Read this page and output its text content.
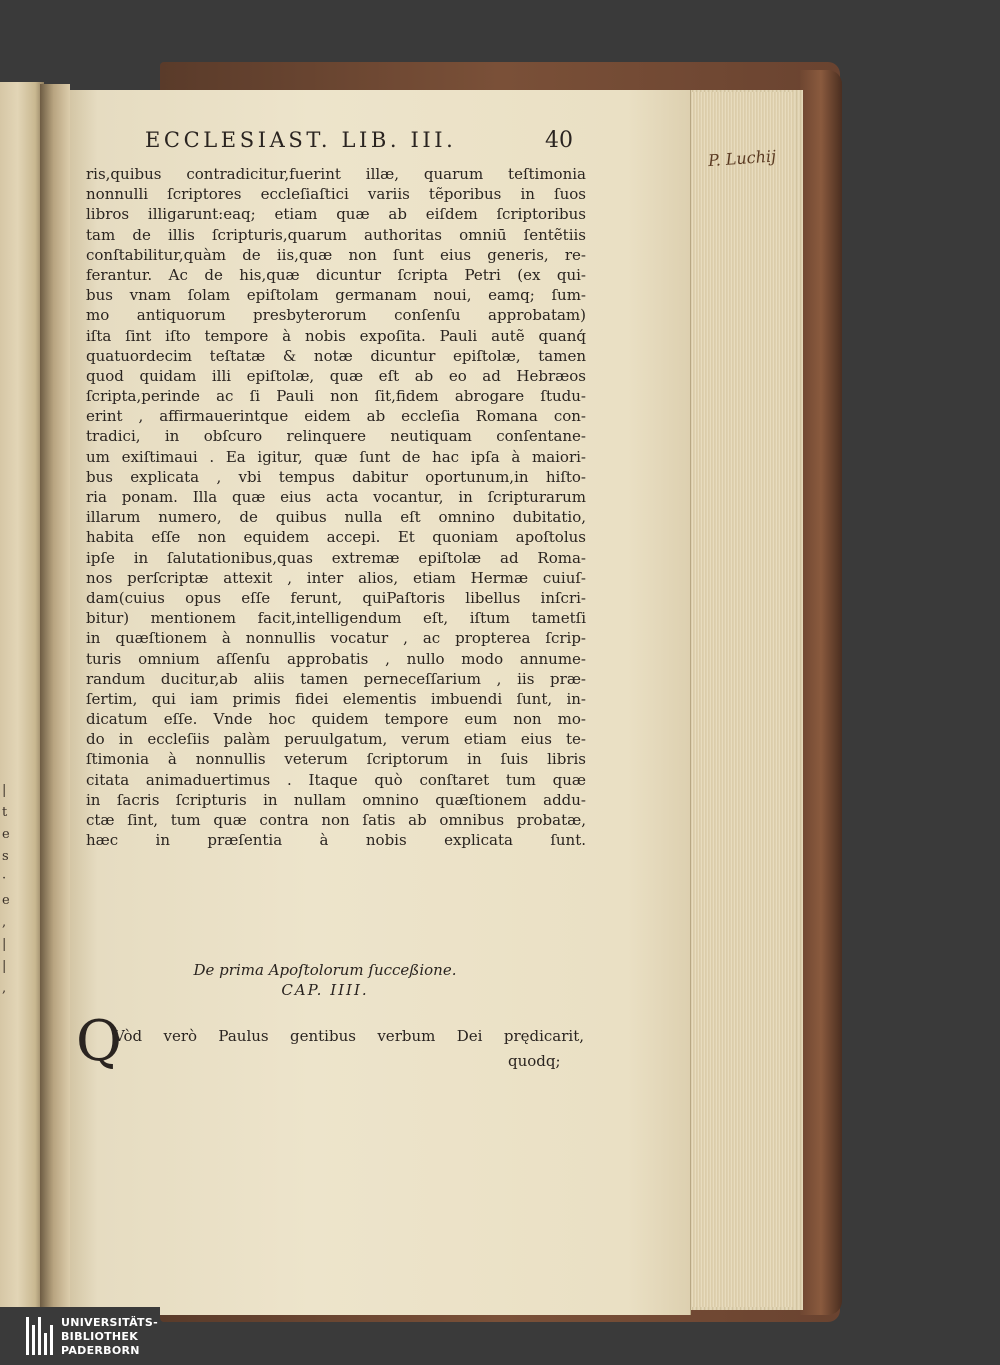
|
t
e
s
·
e
,
|
|
,
ECCLESIAST. LIB. III.	40
P. Luchij
ris,quibus contradicitur,fuerint illæ, quarum teſtimonia
nonnulli ſcriptores eccleſiaſtici variis tẽporibus in ſuos
libros illigarunt:eaq; etiam quæ ab eiſdem ſcriptoribus
tam de illis ſcripturis,quarum authoritas omniū ſentẽtiis
conſtabilitur,quàm de iis,quæ non ſunt eius generis, re-
ferantur. Ac de his,quæ dicuntur ſcripta Petri (ex qui-
bus vnam ſolam epiſtolam germanam noui, eamq; ſum-
mo antiquorum presbyterorum conſenſu approbatam)
iſta ſint iſto tempore à nobis expoſita. Pauli autẽ quanq́
quatuordecim teſtatæ & notæ dicuntur epiſtolæ, tamen
quod quidam illi epiſtolæ, quæ eſt ab eo ad Hebræos
ſcripta,perinde ac ſi Pauli non ſit,fidem abrogare ſtudu-
erint , affirmauerintque eidem ab eccleſia Romana con-
tradici, in obſcuro relinquere neutiquam conſentane-
um exiſtimaui . Ea igitur, quæ ſunt de hac ipſa à maiori-
bus explicata , vbi tempus dabitur oportunum,in hiſto-
ria ponam. Illa quæ eius acta vocantur, in ſcripturarum
illarum numero, de quibus nulla eſt omnino dubitatio,
habita eſſe non equidem accepi. Et quoniam apoſtolus
ipſe in ſalutationibus,quas extremæ epiſtolæ ad Roma-
nos perſcriptæ attexit , inter alios, etiam Hermæ cuiuſ-
dam(cuius opus eſſe ferunt, quiPaſtoris libellus inſcri-
bitur) mentionem facit,intelligendum eſt, iſtum tametſi
in quæſtionem à nonnullis vocatur , ac propterea ſcrip-
turis omnium aſſenſu approbatis , nullo modo annume-
randum ducitur,ab aliis tamen perneceſſarium , iis præ-
ſertim, qui iam primis fidei elementis imbuendi ſunt, in-
dicatum eſſe. Vnde hoc quidem tempore eum non mo-
do in eccleſiis palàm peruulgatum, verum etiam eius te-
ſtimonia à nonnullis veterum ſcriptorum in ſuis libris
citata animaduertimus . Itaque quò conſtaret tum quæ
in ſacris ſcripturis in nullam omnino quæſtionem addu-
ctæ ſint, tum quæ contra non ſatis ab omnibus probatæ,
hæc in præſentia à nobis explicata ſunt.
De prima Apoſtolorum ſucceßione.
CAP. IIII.
Q
Vòd verò Paulus gentibus verbum Dei prędicarit,
quodq;
UNIVERSITÄTS-
BIBLIOTHEK
PADERBORN
